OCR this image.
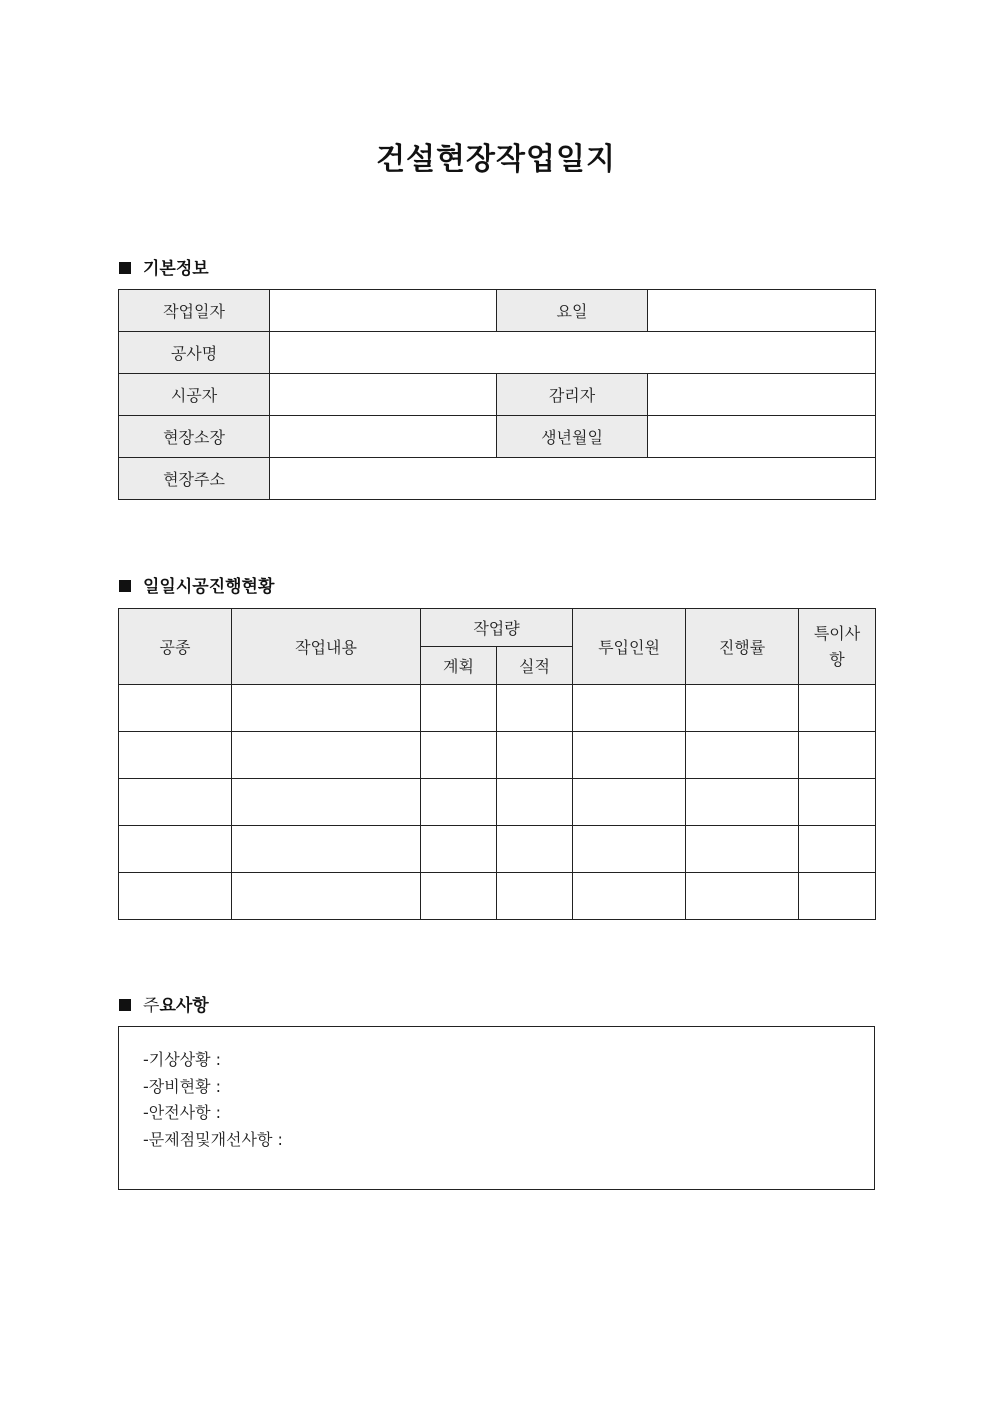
건설현장작업일지
기본정보
작업일자		요일	
공사명			
시공자		감리자	
현장소장		생년월일	
현장주소			
일일시공진행현황
공종	작업내용	작업량		투입인원	진행률	특이사
항
		계획	실적			

주 요사항
-기상상황 :
-장비현황 :
-안전사항 :
-문제점및개선사항 :
